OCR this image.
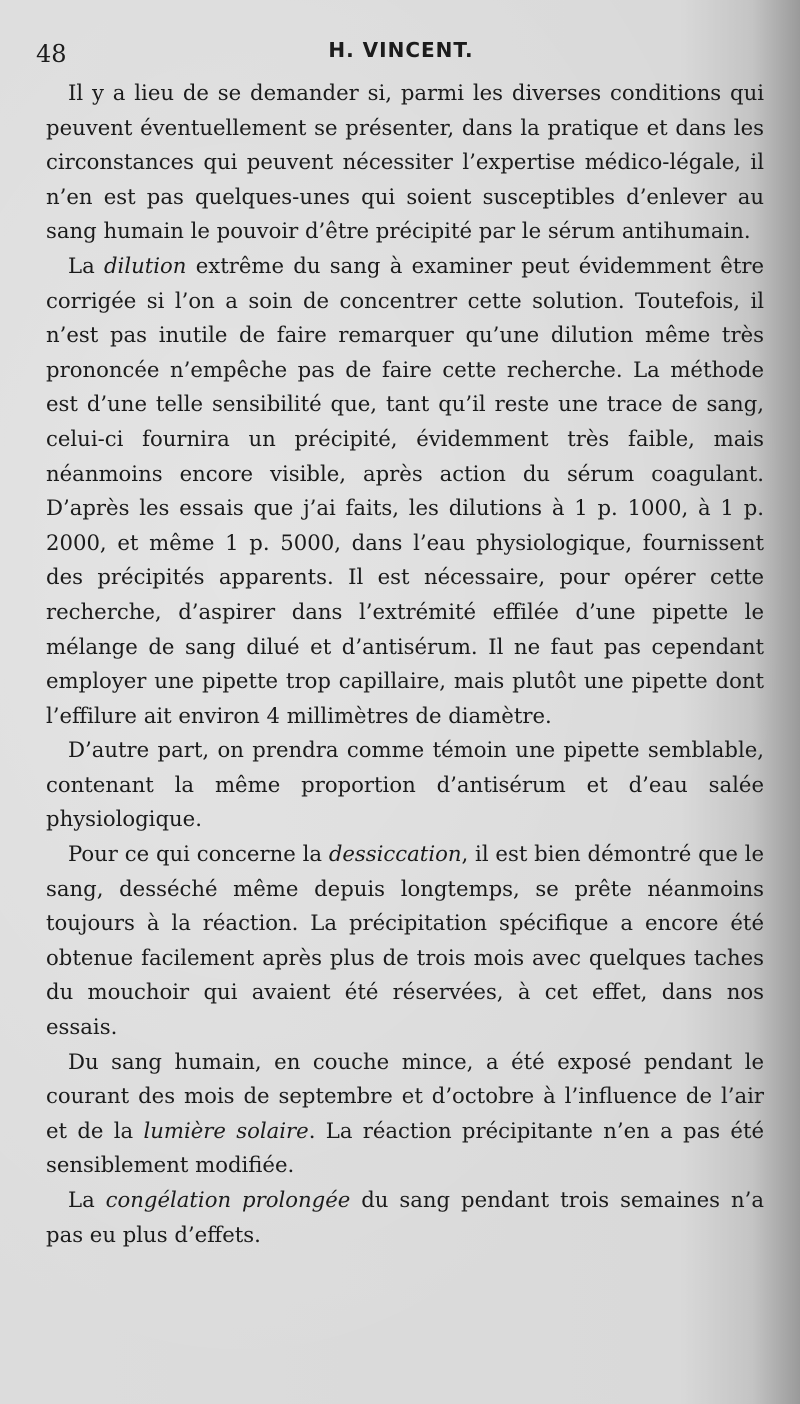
48	H. VINCENT.

Il y a lieu de se demander si, parmi les diverses conditions qui peuvent éventuellement se présenter, dans la pratique et dans les circonstances qui peuvent nécessiter l’expertise médico-légale, il n’en est pas quelques-unes qui soient susceptibles d’enlever au sang humain le pouvoir d’être précipité par le sérum antihumain.

La dilution extrême du sang à examiner peut évidemment être corrigée si l’on a soin de concentrer cette solution. Toutefois, il n’est pas inutile de faire remarquer qu’une dilution même très prononcée n’empêche pas de faire cette recherche. La méthode est d’une telle sensibilité que, tant qu’il reste une trace de sang, celui-ci fournira un précipité, évidemment très faible, mais néanmoins encore visible, après action du sérum coagulant. D’après les essais que j’ai faits, les dilutions à 1 p. 1000, à 1 p. 2000, et même 1 p. 5000, dans l’eau physiologique, fournissent des précipités apparents. Il est nécessaire, pour opérer cette recherche, d’aspirer dans l’extrémité effilée d’une pipette le mélange de sang dilué et d’antisérum. Il ne faut pas cependant employer une pipette trop capillaire, mais plutôt une pipette dont l’effilure ait environ 4 millimètres de diamètre.

D’autre part, on prendra comme témoin une pipette semblable, contenant la même proportion d’antisérum et d’eau salée physiologique.

Pour ce qui concerne la dessiccation, il est bien démontré que le sang, desséché même depuis longtemps, se prête néanmoins toujours à la réaction. La précipitation spécifique a encore été obtenue facilement après plus de trois mois avec quelques taches du mouchoir qui avaient été réservées, à cet effet, dans nos essais.

Du sang humain, en couche mince, a été exposé pendant le courant des mois de septembre et d’octobre à l’influence de l’air et de la lumière solaire. La réaction précipitante n’en a pas été sensiblement modifiée.

La congélation prolongée du sang pendant trois semaines n’a pas eu plus d’effets.
